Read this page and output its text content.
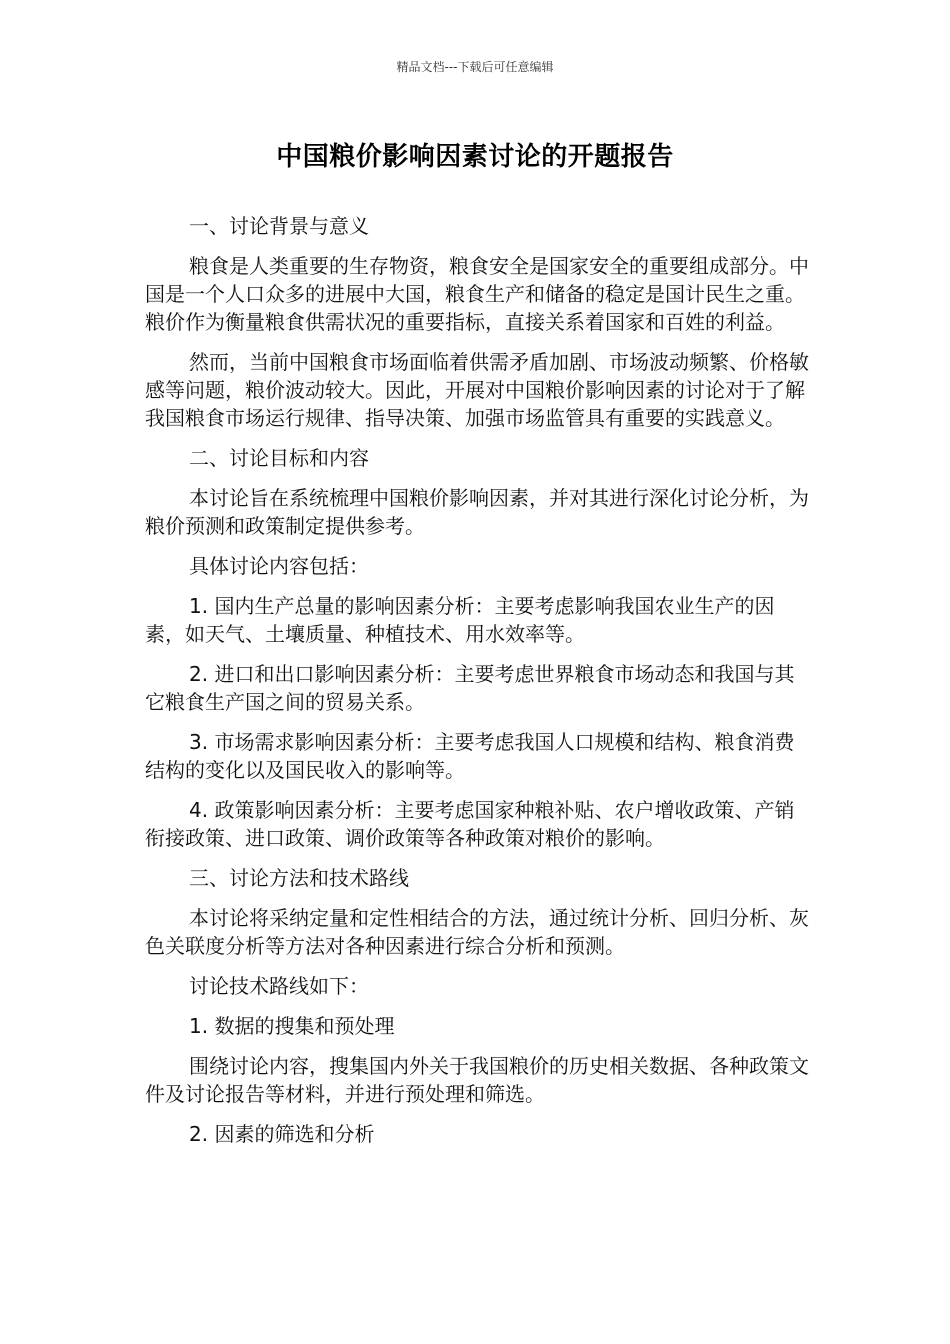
精品文档---下载后可任意编辑
中国粮价影响因素讨论的开题报告

一、讨论背景与意义

粮食是人类重要的生存物资，粮食安全是国家安全的重要组成部分。中国是一个人口众多的进展中大国，粮食生产和储备的稳定是国计民生之重。粮价作为衡量粮食供需状况的重要指标，直接关系着国家和百姓的利益。

然而，当前中国粮食市场面临着供需矛盾加剧、市场波动频繁、价格敏感等问题，粮价波动较大。因此，开展对中国粮价影响因素的讨论对于了解我国粮食市场运行规律、指导决策、加强市场监管具有重要的实践意义。

二、讨论目标和内容

本讨论旨在系统梳理中国粮价影响因素，并对其进行深化讨论分析，为粮价预测和政策制定提供参考。

具体讨论内容包括：

1. 国内生产总量的影响因素分析：主要考虑影响我国农业生产的因素，如天气、土壤质量、种植技术、用水效率等。

2. 进口和出口影响因素分析：主要考虑世界粮食市场动态和我国与其它粮食生产国之间的贸易关系。

3. 市场需求影响因素分析：主要考虑我国人口规模和结构、粮食消费结构的变化以及国民收入的影响等。

4. 政策影响因素分析：主要考虑国家种粮补贴、农户增收政策、产销衔接政策、进口政策、调价政策等各种政策对粮价的影响。

三、讨论方法和技术路线

本讨论将采纳定量和定性相结合的方法，通过统计分析、回归分析、灰色关联度分析等方法对各种因素进行综合分析和预测。

讨论技术路线如下：

1. 数据的搜集和预处理

围绕讨论内容，搜集国内外关于我国粮价的历史相关数据、各种政策文件及讨论报告等材料，并进行预处理和筛选。

2. 因素的筛选和分析
